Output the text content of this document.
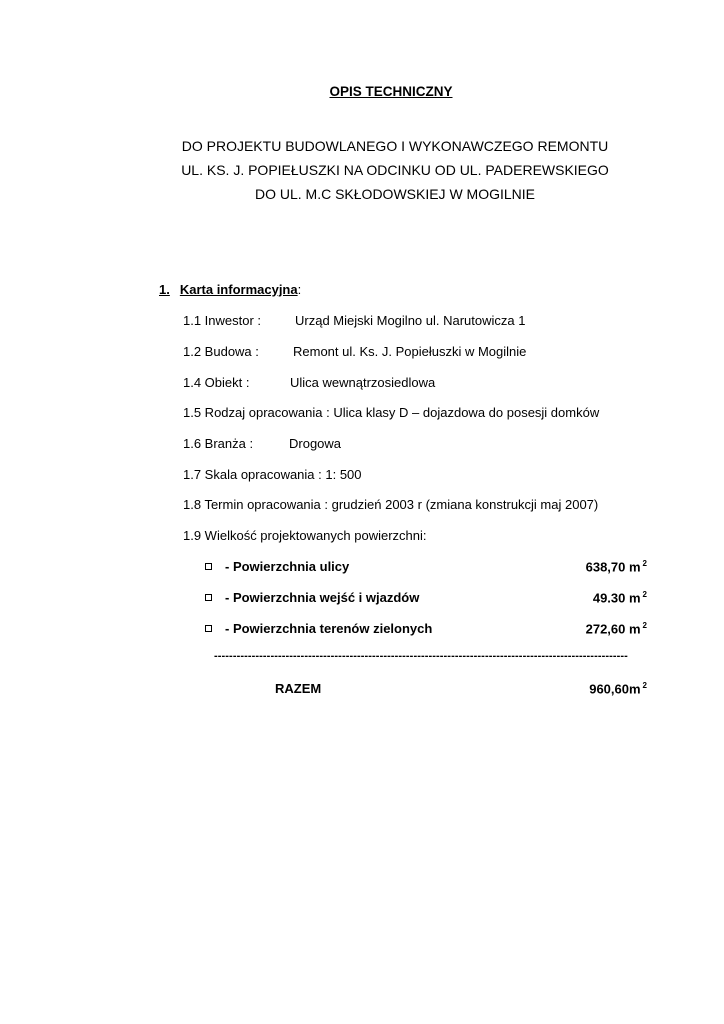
OPIS TECHNICZNY
DO PROJEKTU BUDOWLANEGO I WYKONAWCZEGO REMONTU
UL. KS. J. POPIEŁUSZKI NA ODCINKU OD UL. PADEREWSKIEGO
DO UL. M.C SKŁODOWSKIEJ W MOGILNIE
1. Karta informacyjna:
1.1 Inwestor :	Urząd Miejski Mogilno ul. Narutowicza 1
1.2 Budowa :	Remont ul. Ks. J. Popiełuszki w Mogilnie
1.4 Obiekt :	Ulica wewnątrzosiedlowa
1.5 Rodzaj opracowania : Ulica klasy D – dojazdowa do posesji domków
1.6 Branża :	Drogowa
1.7 Skala opracowania : 1: 500
1.8 Termin opracowania : grudzień 2003 r (zmiana konstrukcji maj 2007)
1.9 Wielkość projektowanych powierzchni:
- Powierzchnia ulicy	638,70 m $^2$
- Powierzchnia wejść i wjazdów	49.30 m $^2$
- Powierzchnia terenów zielonych	272,60 m $^2$
--------------------------------------------------------------------------------------------------------------
RAZEM	960,60m $^2$
